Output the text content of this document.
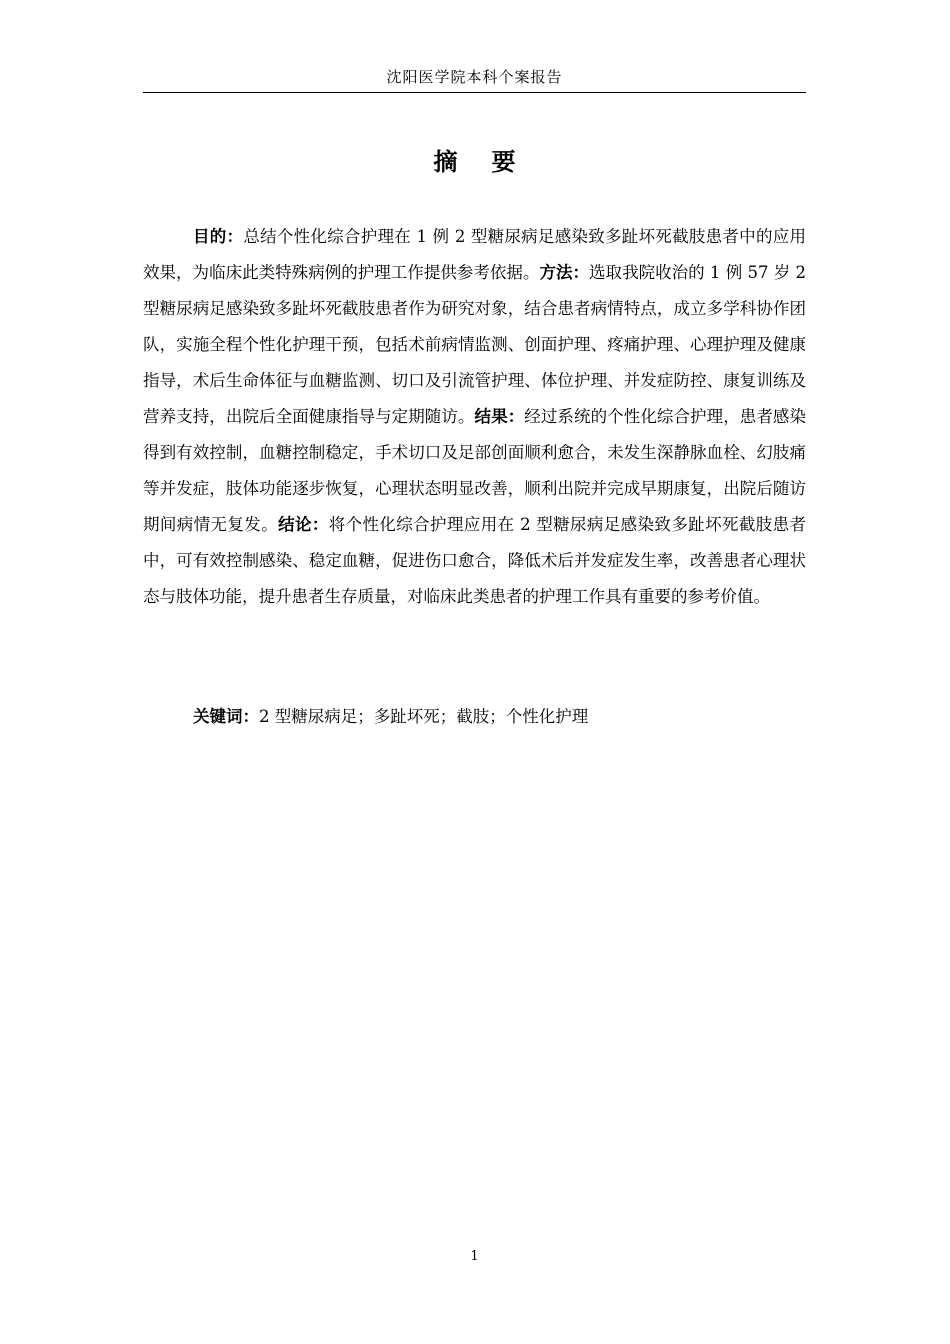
沈阳医学院本科个案报告
摘 要

目的：总结个性化综合护理在 1 例 2 型糖尿病足感染致多趾坏死截肢患者中的应用效果，为临床此类特殊病例的护理工作提供参考依据。方法：选取我院收治的 1 例 57 岁 2 型糖尿病足感染致多趾坏死截肢患者作为研究对象，结合患者病情特点，成立多学科协作团队，实施全程个性化护理干预，包括术前病情监测、创面护理、疼痛护理、心理护理及健康指导，术后生命体征与血糖监测、切口及引流管护理、体位护理、并发症防控、康复训练及营养支持，出院后全面健康指导与定期随访。结果：经过系统的个性化综合护理，患者感染得到有效控制，血糖控制稳定，手术切口及足部创面顺利愈合，未发生深静脉血栓、幻肢痛等并发症，肢体功能逐步恢复，心理状态明显改善，顺利出院并完成早期康复，出院后随访期间病情无复发。结论：将个性化综合护理应用在 2 型糖尿病足感染致多趾坏死截肢患者中，可有效控制感染、稳定血糖，促进伤口愈合，降低术后并发症发生率，改善患者心理状态与肢体功能，提升患者生存质量，对临床此类患者的护理工作具有重要的参考价值。

关键词：2 型糖尿病足；多趾坏死；截肢；个性化护理

1
